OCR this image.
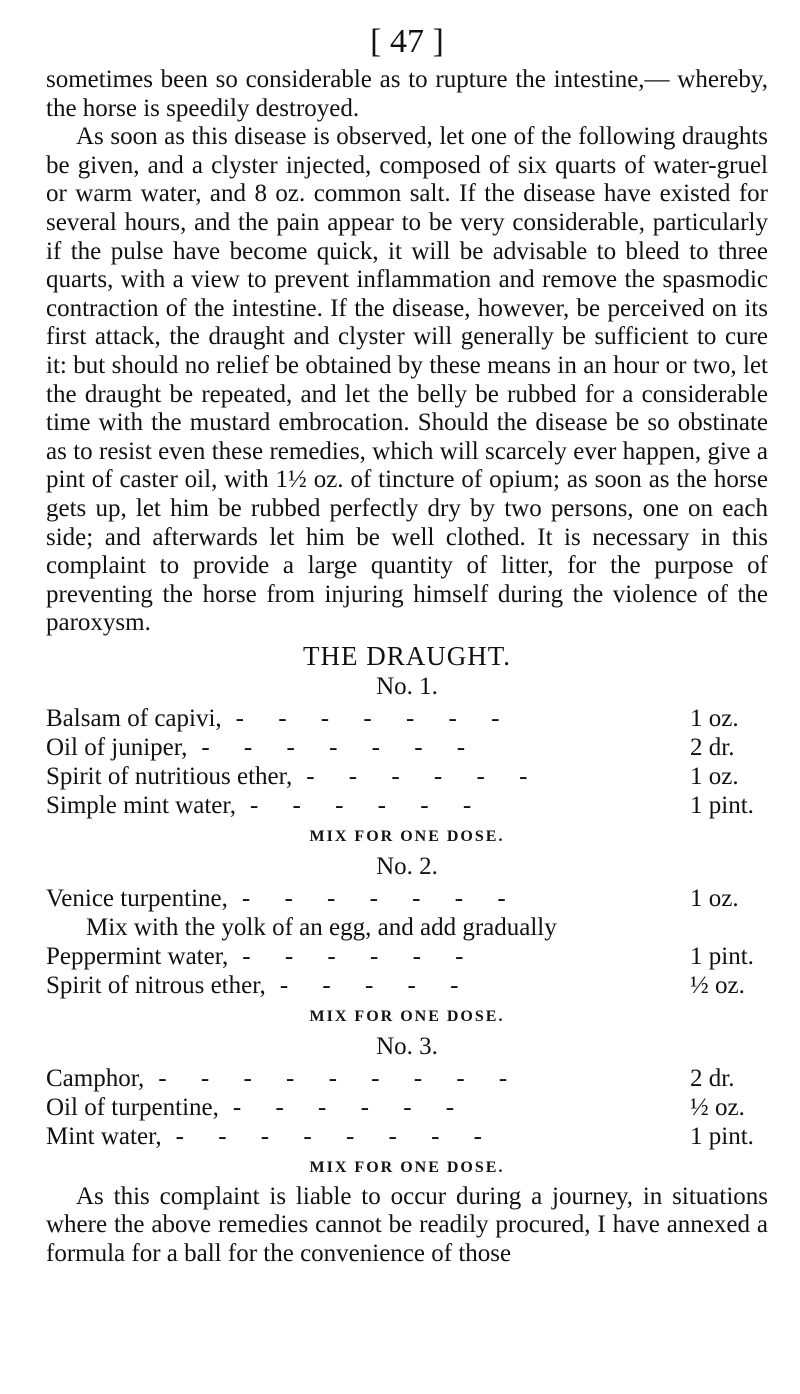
[ 47 ]

sometimes been so considerable as to rupture the intestine,— whereby, the horse is speedily destroyed.

As soon as this disease is observed, let one of the following draughts be given, and a clyster injected, composed of six quarts of water-gruel or warm water, and 8 oz. common salt. If the disease have existed for several hours, and the pain appear to be very considerable, particularly if the pulse have become quick, it will be advisable to bleed to three quarts, with a view to prevent inflammation and remove the spasmodic contraction of the intestine. If the disease, however, be perceived on its first attack, the draught and clyster will generally be sufficient to cure it: but should no relief be obtained by these means in an hour or two, let the draught be repeated, and let the belly be rubbed for a considerable time with the mustard embrocation. Should the disease be so obstinate as to resist even these remedies, which will scarcely ever happen, give a pint of caster oil, with 1½ oz. of tincture of opium; as soon as the horse gets up, let him be rubbed perfectly dry by two persons, one on each side; and afterwards let him be well clothed. It is necessary in this complaint to provide a large quantity of litter, for the purpose of preventing the horse from injuring himself during the violence of the paroxysm.

THE DRAUGHT.
No. 1.
Balsam of capivi, - - - - - - -	1 oz.
Oil of juniper, - - - - - - -	2 dr.
Spirit of nutritious ether, - - - - - -	1 oz.
Simple mint water, - - - - - -	1 pint.
MIX FOR ONE DOSE.
No. 2.
Venice turpentine, - - - - - - -	1 oz.
Mix with the yolk of an egg, and add gradually
Peppermint water, - - - - - -	1 pint.
Spirit of nitrous ether, - - - - -	½ oz.
MIX FOR ONE DOSE.
No. 3.
Camphor, - - - - - - - - -	2 dr.
Oil of turpentine, - - - - - -	½ oz.
Mint water, - - - - - - - -	1 pint.
MIX FOR ONE DOSE.

As this complaint is liable to occur during a journey, in situations where the above remedies cannot be readily procured, I have annexed a formula for a ball for the convenience of those
